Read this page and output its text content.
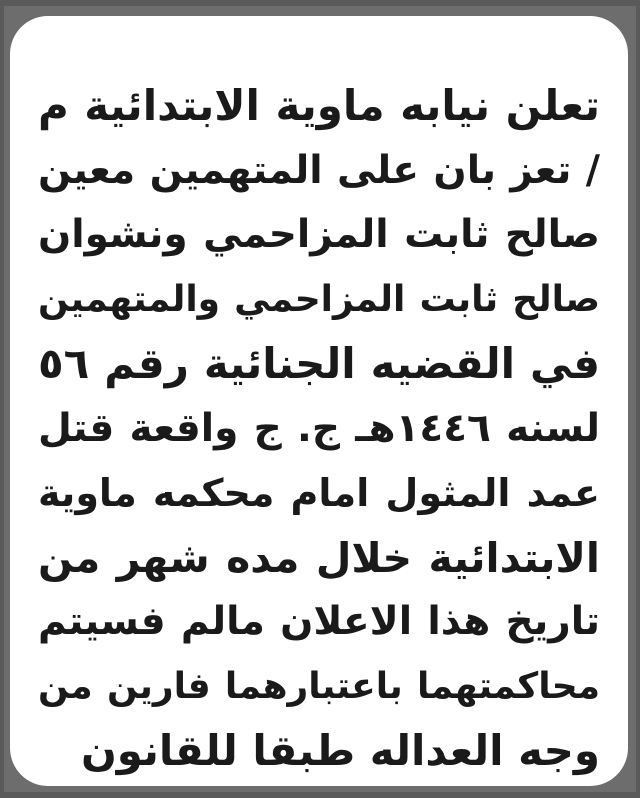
تعلن نيابه ماوية الابتدائية م
/ تعز بان على المتهمين معين
صالح ثابت المزاحمي ونشوان
صالح ثابت المزاحمي والمتهمين
في القضيه الجنائية رقم ٥٦
لسنه ١٤٤٦هـ ج. ج واقعة قتل
عمد المثول امام محكمه ماوية
الابتدائية خلال مده شهر من
تاريخ هذا الاعلان مالم فسيتم
محاكمتهما باعتبارهما فارين من
وجه العداله طبقا للقانون
